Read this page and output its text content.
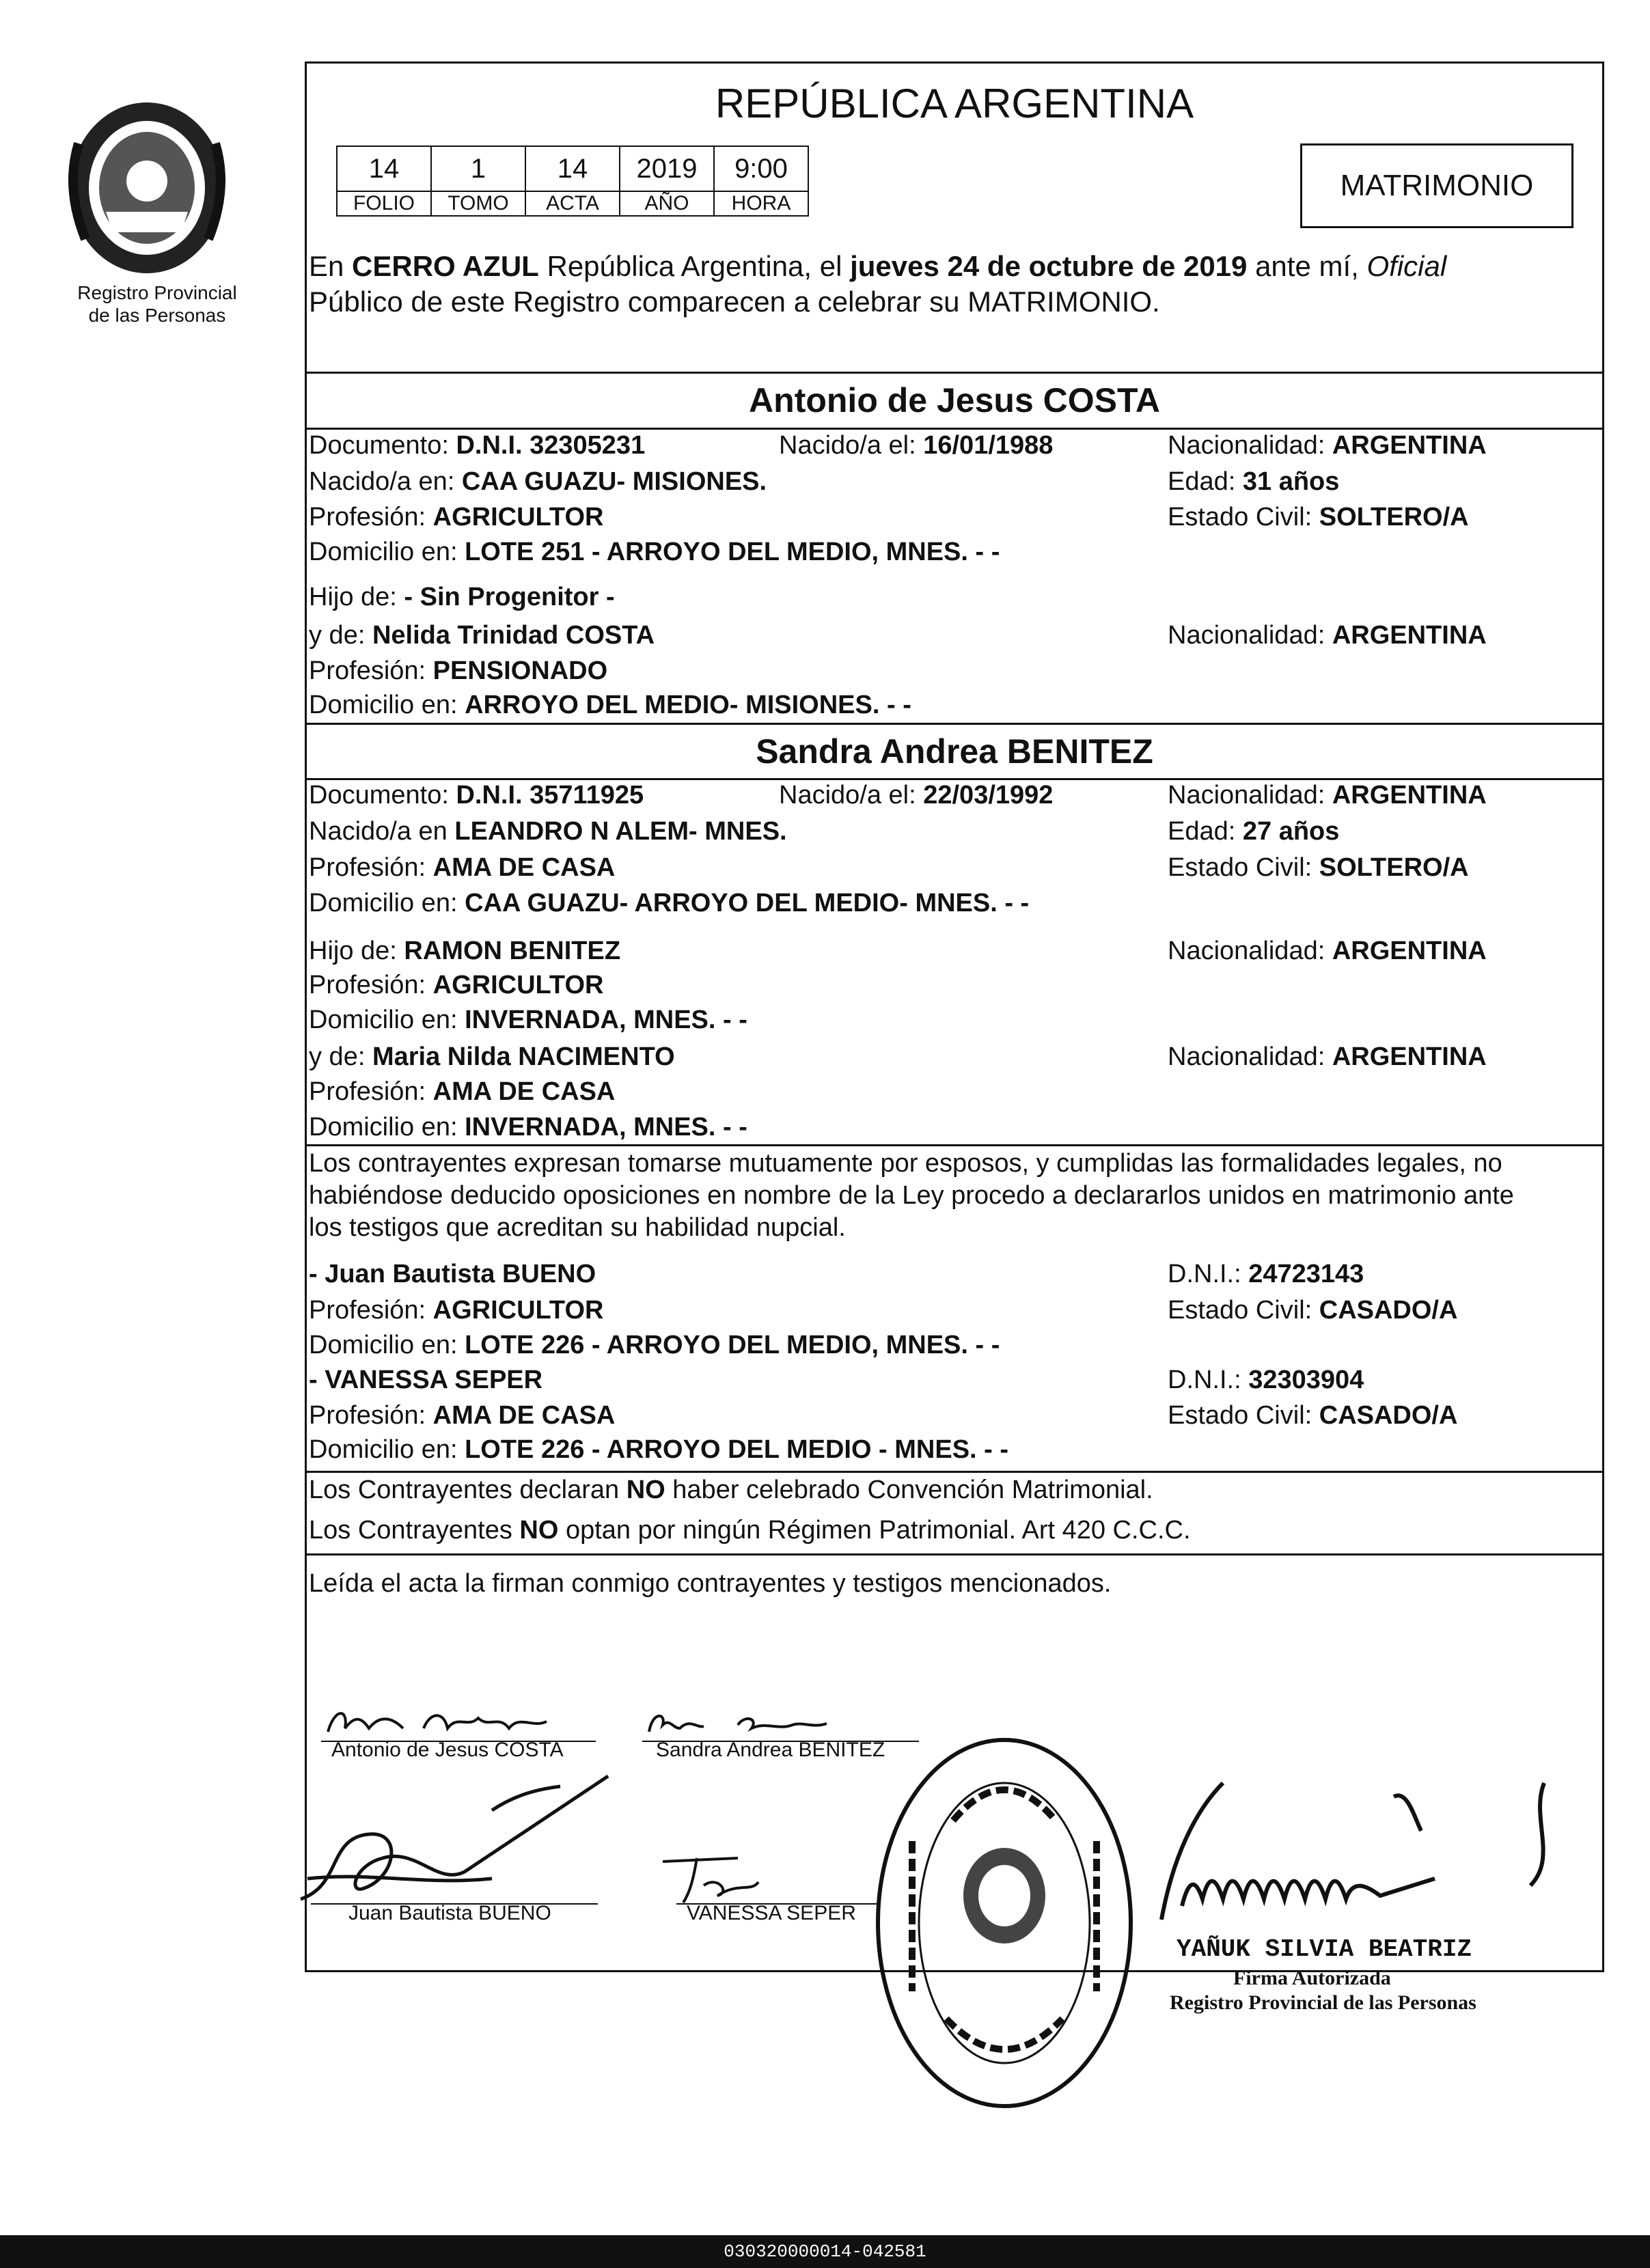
Registro Provincial
de las Personas
REPÚBLICA ARGENTINA
14	1	14	2019	9:00
FOLIO	TOMO	ACTA	AÑO	HORA
MATRIMONIO
En CERRO AZUL República Argentina, el jueves 24 de octubre de 2019 ante mí, Oficial
Público de este Registro comparecen a celebrar su MATRIMONIO.
Antonio de Jesus COSTA
Documento: D.N.I. 32305231	Nacido/a el: 16/01/1988	Nacionalidad: ARGENTINA
Nacido/a en: CAA GUAZU- MISIONES.	Edad: 31 años
Profesión: AGRICULTOR	Estado Civil: SOLTERO/A
Domicilio en: LOTE 251 - ARROYO DEL MEDIO, MNES. - -
Hijo de: - Sin Progenitor -
y de: Nelida Trinidad COSTA	Nacionalidad: ARGENTINA
Profesión: PENSIONADO
Domicilio en: ARROYO DEL MEDIO- MISIONES. - -
Sandra Andrea BENITEZ
Documento: D.N.I. 35711925	Nacido/a el: 22/03/1992	Nacionalidad: ARGENTINA
Nacido/a en LEANDRO N ALEM- MNES.	Edad: 27 años
Profesión: AMA DE CASA	Estado Civil: SOLTERO/A
Domicilio en: CAA GUAZU- ARROYO DEL MEDIO- MNES. - -
Hijo de: RAMON BENITEZ	Nacionalidad: ARGENTINA
Profesión: AGRICULTOR
Domicilio en: INVERNADA, MNES. - -
y de: Maria Nilda NACIMENTO	Nacionalidad: ARGENTINA
Profesión: AMA DE CASA
Domicilio en: INVERNADA, MNES. - -
Los contrayentes expresan tomarse mutuamente por esposos, y cumplidas las formalidades legales, no
habiéndose deducido oposiciones en nombre de la Ley procedo a declararlos unidos en matrimonio ante
los testigos que acreditan su habilidad nupcial.
- Juan Bautista BUENO	D.N.I.: 24723143
Profesión: AGRICULTOR	Estado Civil: CASADO/A
Domicilio en: LOTE 226 - ARROYO DEL MEDIO, MNES. - -
- VANESSA SEPER	D.N.I.: 32303904
Profesión: AMA DE CASA	Estado Civil: CASADO/A
Domicilio en: LOTE 226 - ARROYO DEL MEDIO - MNES. - -
Los Contrayentes declaran NO haber celebrado Convención Matrimonial.
Los Contrayentes NO optan por ningún Régimen Patrimonial. Art 420 C.C.C.
Leída el acta la firman conmigo contrayentes y testigos mencionados.
Antonio de Jesus COSTA	Sandra Andrea BENITEZ
Juan Bautista BUENO	VANESSA SEPER
YAÑUK SILVIA BEATRIZ
Firma Autorizada
Registro Provincial de las Personas
030320000014-042581
